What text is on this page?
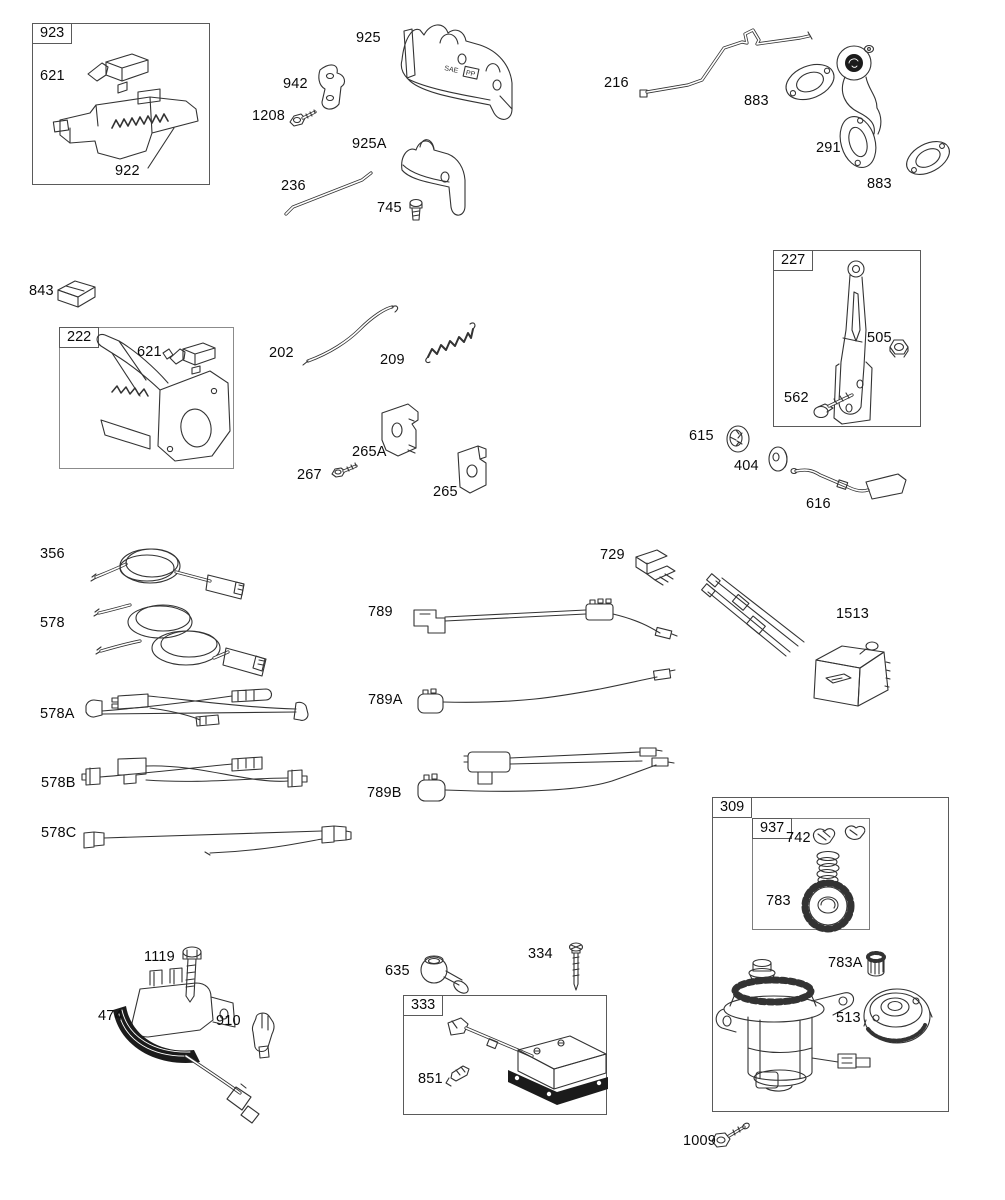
923
222
227
309
937
333
SAE PP
621
922
942
1208
925
925A
236
745
216
883
291
883
843
621	202	209
505
562
615
404
616
265A
267
265
356
578
729
789	1513
789A
578A
578B
789B
578C	742
783
783A
513
1119
474	910
635
334
851
1009
